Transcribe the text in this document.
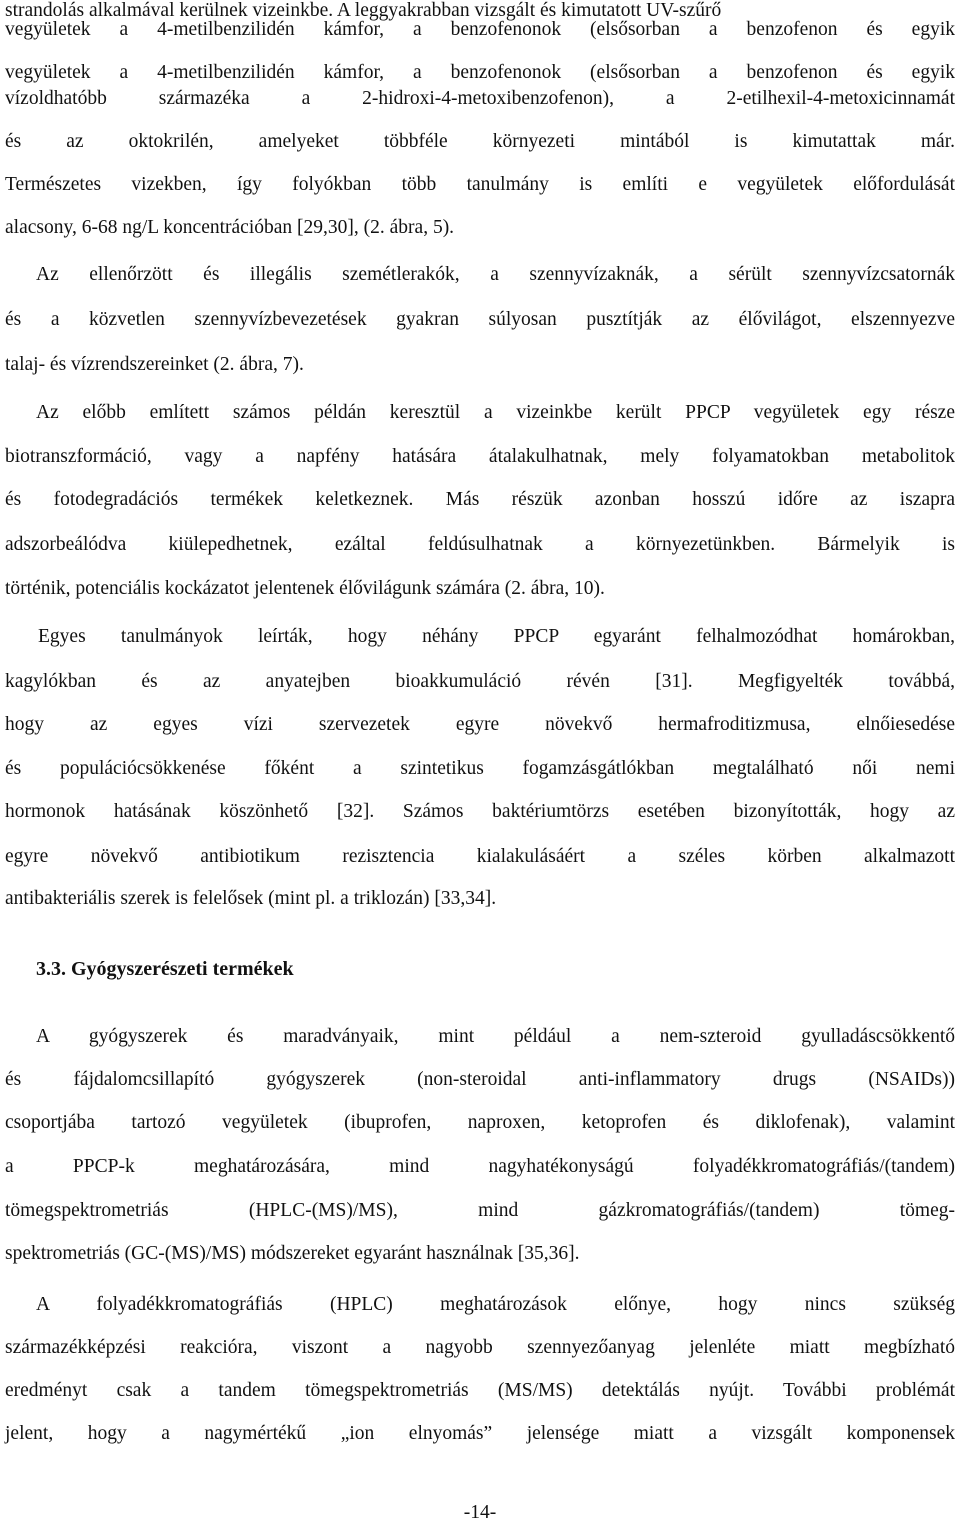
strandolás alkalmával kerülnek vizeinkbe. A leggyakrabban vizsgált és kimutatott UV-szűrő
vegyületek a 4-metilbenzilidén kámfor, a benzofenonok (elsősorban a benzofenon és egyik
vegyületek a 4-metilbenzilidén kámfor, a benzofenonok (elsősorban a benzofenon és egyik
vízoldhatóbb származéka a 2-hidroxi-4-metoxibenzofenon), a 2-etilhexil-4-metoxicinnamát
és az oktokrilén, amelyeket többféle környezeti mintából is kimutattak már.
Természetes vizekben, így folyókban több tanulmány is említi e vegyületek előfordulását
alacsony, 6-68 ng/L koncentrációban [29,30], (2. ábra, 5).
Az ellenőrzött és illegális szemétlerakók, a szennyvízaknák, a sérült szennyvízcsatornák
és a közvetlen szennyvízbevezetések gyakran súlyosan pusztítják az élővilágot, elszennyezve
talaj- és vízrendszereinket (2. ábra, 7).
Az előbb említett számos példán keresztül a vizeinkbe került PPCP vegyületek egy része
biotranszformáció, vagy a napfény hatására átalakulhatnak, mely folyamatokban metabolitok
és fotodegradációs termékek keletkeznek. Más részük azonban hosszú időre az iszapra
adszorbeálódva kiülepedhetnek, ezáltal feldúsulhatnak a környezetünkben. Bármelyik is
történik, potenciális kockázatot jelentenek élővilágunk számára (2. ábra, 10).
Egyes tanulmányok leírták, hogy néhány PPCP egyaránt felhalmozódhat homárokban,
kagylókban és az anyatejben bioakkumuláció révén [31]. Megfigyelték továbbá,
hogy az egyes vízi szervezetek egyre növekvő hermafroditizmusa, elnőiesedése
és populációcsökkenése főként a szintetikus fogamzásgátlókban megtalálható női nemi
hormonok hatásának köszönhető [32]. Számos baktériumtörzs esetében bizonyították, hogy az
egyre növekvő antibiotikum rezisztencia kialakulásáért a széles körben alkalmazott
antibakteriális szerek is felelősek (mint pl. a triklozán) [33,34].
3.3. Gyógyszerészeti termékek
A gyógyszerek és maradványaik, mint például a nem-szteroid gyulladáscsökkentő
és fájdalomcsillapító gyógyszerek (non-steroidal anti-inflammatory drugs (NSAIDs))
csoportjába tartozó vegyületek (ibuprofen, naproxen, ketoprofen és diklofenak), valamint
a PPCP-k meghatározására, mind nagyhatékonyságú folyadékkromatográfiás/(tandem)
tömegspektrometriás (HPLC-(MS)/MS), mind gázkromatográfiás/(tandem) tömeg-
spektrometriás (GC-(MS)/MS) módszereket egyaránt használnak [35,36].
A folyadékkromatográfiás (HPLC) meghatározások előnye, hogy nincs szükség
származékképzési reakcióra, viszont a nagyobb szennyezőanyag jelenléte miatt megbízható
eredményt csak a tandem tömegspektrometriás (MS/MS) detektálás nyújt. További problémát
jelent, hogy a nagymértékű „ion elnyomás” jelensége miatt a vizsgált komponensek
-14-
